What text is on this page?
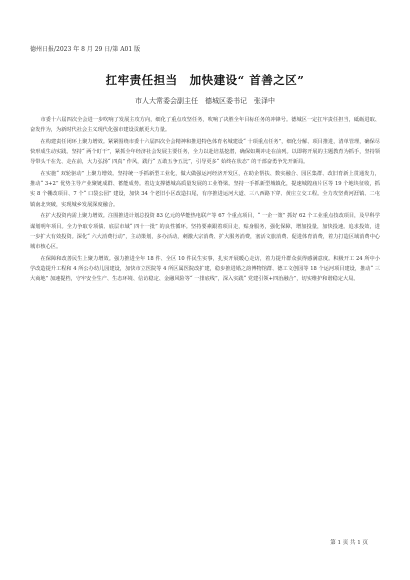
德州日报/2023 年 8 月 29 日/第 A01 版
扛牢责任担当　加快建设“ 首善之区”
市人大常委会副主任　德城区委书记　张泽中

市委十六届四次全会进一步吹响了发展主攻方向，细化了重点攻坚任务，吹响了决胜全年目标任务的冲锋号。德城区一定扛牢责任担当，砥砺进取、奋发作为，为新时代社会主义现代化强市建设贡献更大力量。

在构建责任闭环上聚力增效。紧紧围绕市委十六届四次全会精神和推进特色体育名城建设“ 十项重点任务”，细化分解、项目推进，清单管理，确保尽快形成生动实践。坚持“ 两个盯干”，紧抓全年经济社会发展主要任务，全力以赴培基挖潜，确保如期冲走在前列。以即将开展的主题教育为抓手，坚持领导带头干在先、走在前，大力弘扬“ 四真” 作风，践行“ 五敢五争五比”，引导更多“ 始终在状态” 的干部奋勇争先开新局。

在实施“ 双轮驱动” 上聚力增效。坚持统一手抓新型工业化，做大做强运河经济开发区，在助企帮扶、数实融合、园区集群、改旧育新上贯通发力，推动“ 3+2” 优势主导产业聚链成群、蓄能成势。着边支撑德城高质量发展的工业脊梁。坚持一手抓新型城镇化，提速城隍庙片区等 19 个地块征收，抓实 8 个棚改项目、7 个“ 口袋公园” 建设，加快 34 个老旧小区改造扫尾，有序推进运河大道、三八西路下穿、黄庄立交工程。全力攻坚黄河涯镇、二屯镇南北突破，实现城乡发展深度融合。

在扩大投资内需上聚力增效。注围推进计划总投资 83 亿元的华能热电联产等 67 个重点项目，“ 一企一策” 抓好 62 个工业重点技改项目，及早科学谋划明年项目。全力争取专项债、底层市域“ 四十一批” 的良性循环。坚持要素跟着项目走，贴身服务，强化保障，增加投量，加快投速。追求投效，进一步扩大有效投资。深化“ 六大消费行动”，主动策划，多办活动，刺激大宗消费、扩大服务消费，塞活文旅消费、促进体育消费，着力打造区域消费中心城市核心区。

在保障和改善民生上聚力增效。强力推进全年 18 件、全区 10 件民生实事，扎实开展暖心走访，着力提升群众获得感满意度。积极开工 24 所中小学改造提升工程和 4 所公办幼儿园建设，加快市立医院等 4 所区属医院改扩建，稳步推进婚之韵博物馆群、德工文创园等 18 个运河项目建设，推动“ 三大商地” 加速提档，守牢安全生产、生态环境、信访稳定、金融风险等“ 一排底线”，深入实践“ 党建引领+四治融合”，切实维护和谐稳定大局。

第 1 页 共 1 页
